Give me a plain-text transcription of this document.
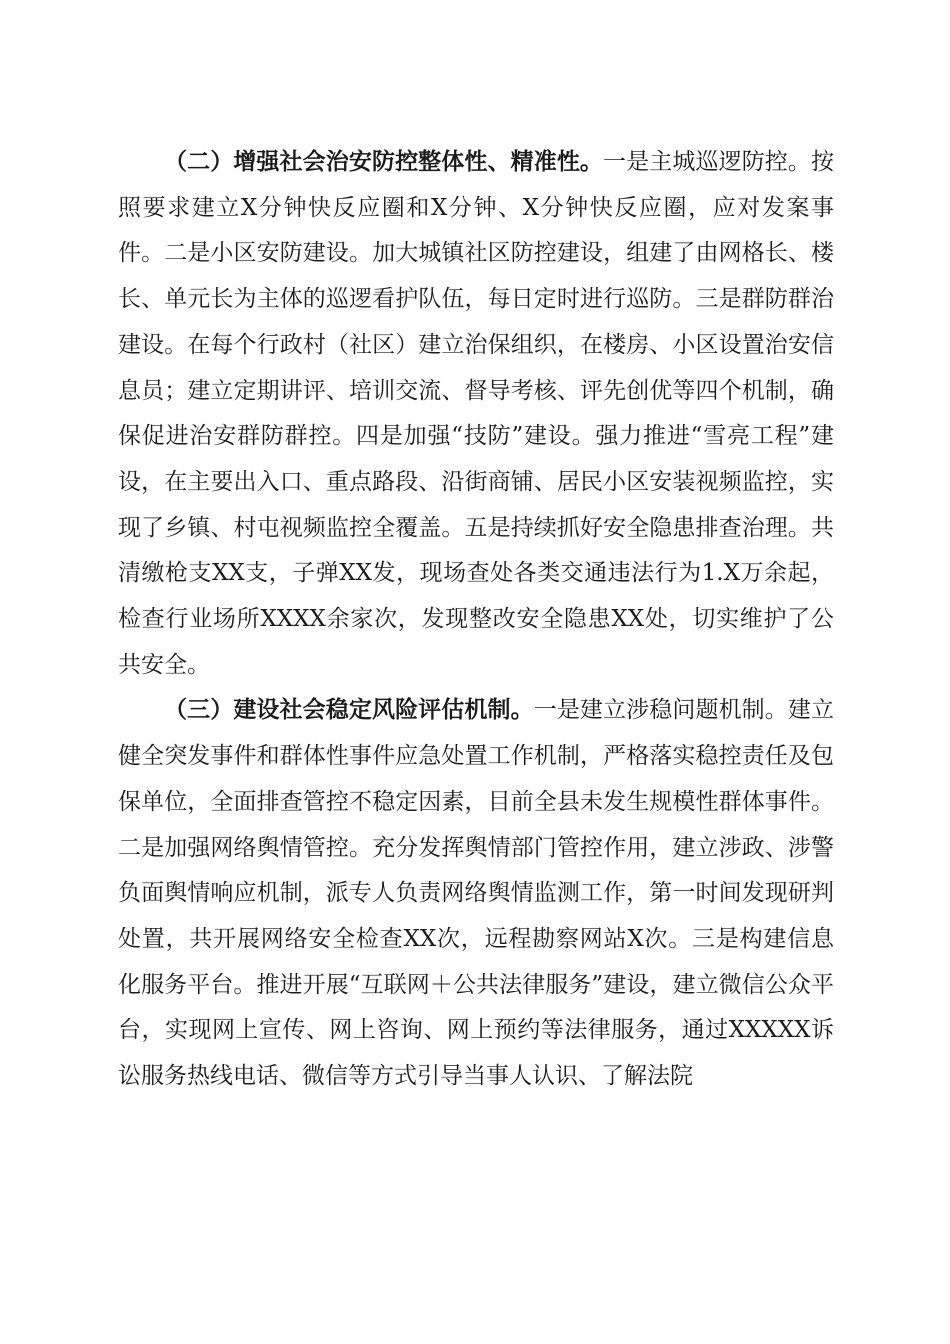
（二）增强社会治安防控整体性、精准性。一是主城巡逻防控。按照要求建立X分钟快反应圈和X分钟、X分钟快反应圈，应对发案事件。二是小区安防建设。加大城镇社区防控建设，组建了由网格长、楼长、单元长为主体的巡逻看护队伍，每日定时进行巡防。三是群防群治建设。在每个行政村（社区）建立治保组织，在楼房、小区设置治安信息员；建立定期讲评、培训交流、督导考核、评先创优等四个机制，确保促进治安群防群控。四是加强“技防”建设。强力推进“雪亮工程”建设，在主要出入口、重点路段、沿街商铺、居民小区安装视频监控，实现了乡镇、村屯视频监控全覆盖。五是持续抓好安全隐患排查治理。共清缴枪支XX支，子弹XX发，现场查处各类交通违法行为1.X万余起，检查行业场所XXXX余家次，发现整改安全隐患XX处，切实维护了公共安全。

（三）建设社会稳定风险评估机制。一是建立涉稳问题机制。建立健全突发事件和群体性事件应急处置工作机制，严格落实稳控责任及包保单位，全面排查管控不稳定因素，目前全县未发生规模性群体事件。二是加强网络舆情管控。充分发挥舆情部门管控作用，建立涉政、涉警负面舆情响应机制，派专人负责网络舆情监测工作，第一时间发现研判处置，共开展网络安全检查XX次，远程勘察网站X次。三是构建信息化服务平台。推进开展“互联网＋公共法律服务”建设，建立微信公众平台，实现网上宣传、网上咨询、网上预约等法律服务，通过XXXXX诉讼服务热线电话、微信等方式引导当事人认识、了解法院
